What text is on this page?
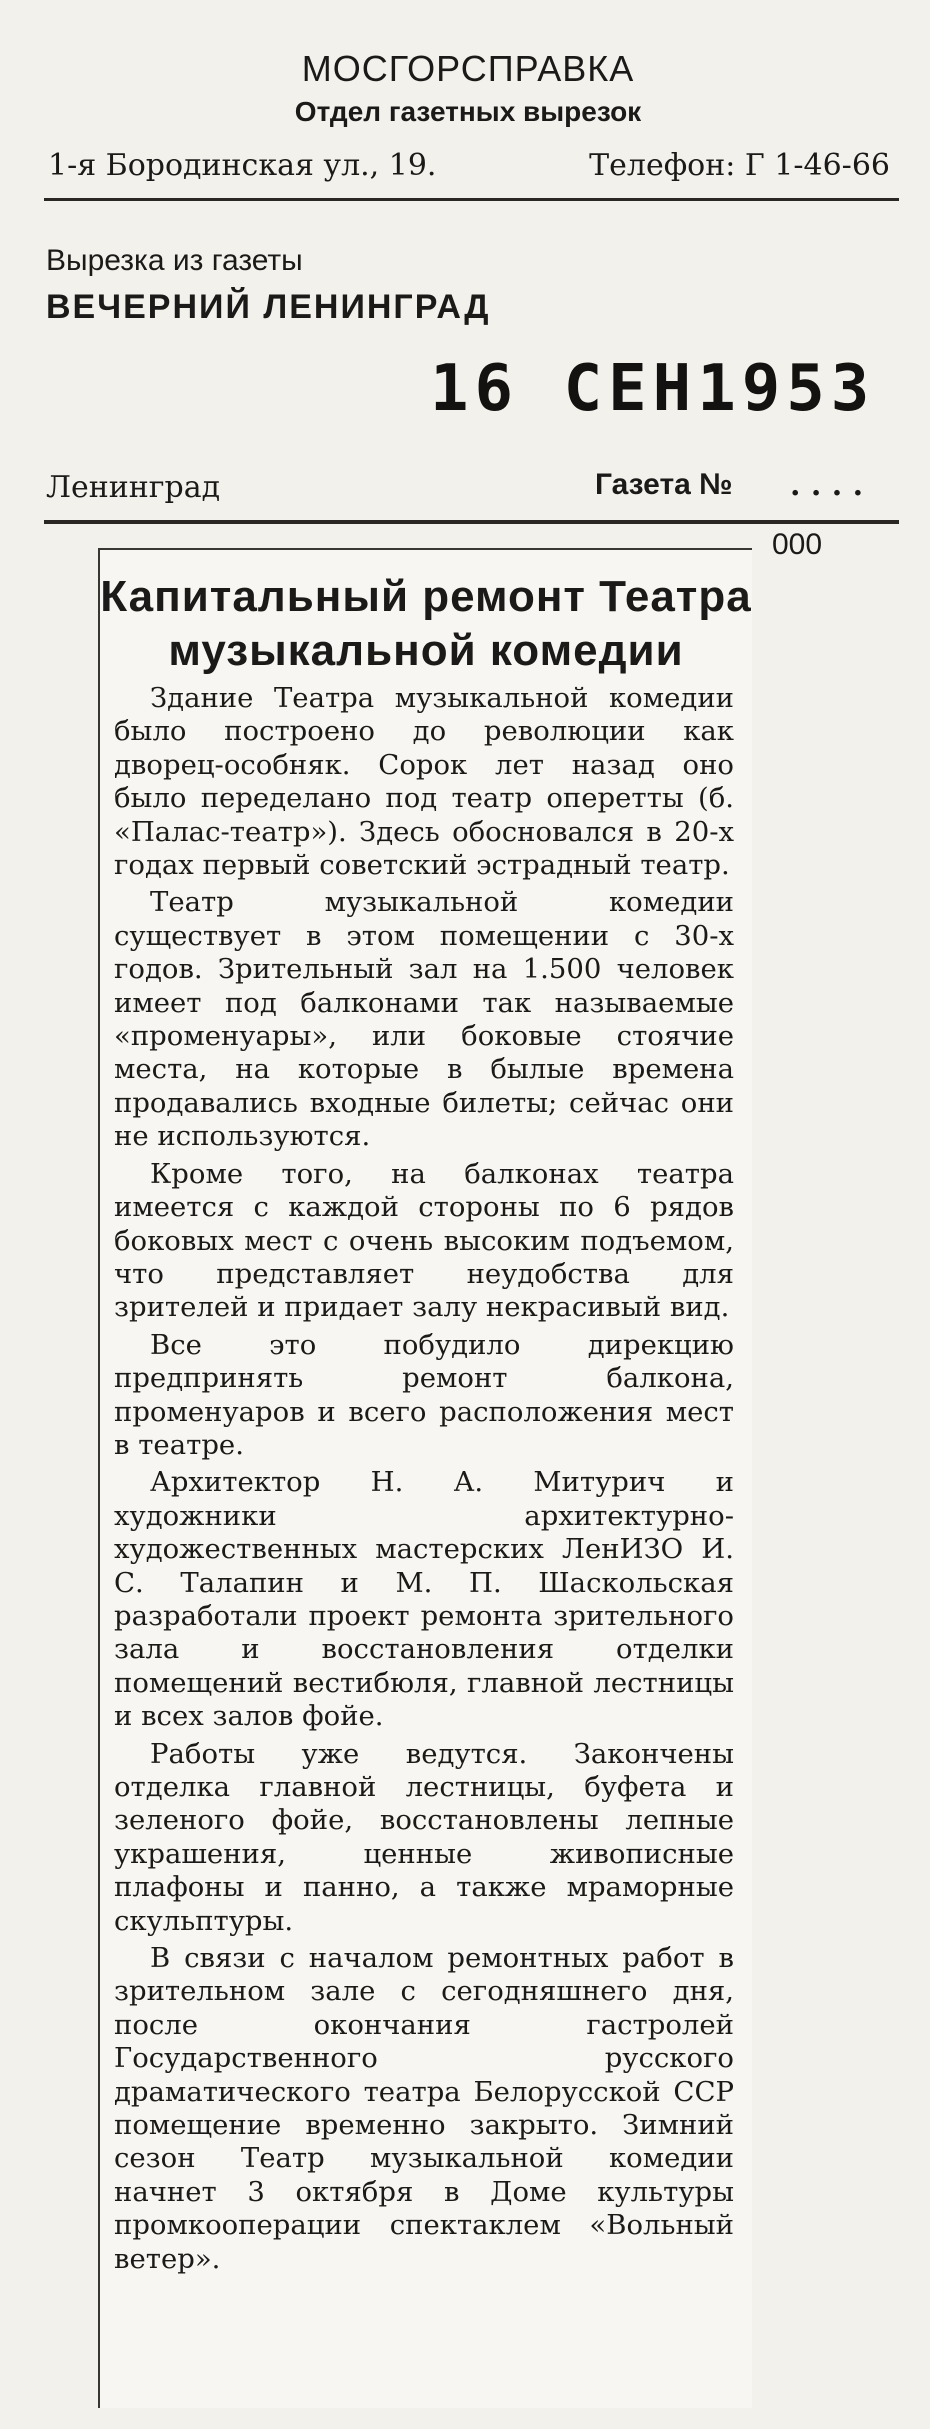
МОСГОРСПРАВКА
Отдел газетных вырезок
1-я Бородинская ул., 19.	Телефон: Г 1-46-66
Вырезка из газеты
ВЕЧЕРНИЙ ЛЕНИНГРАД
16 СЕН1953
Ленинград	Газета № . . . .
000
Капитальный ремонт Театра
музыкальной комедии

Здание Театра музыкальной комедии было построено до революции как дворец-особняк. Сорок лет назад оно было переделано под театр оперетты (б. «Палас-театр»). Здесь обосновался в 20-х годах первый советский эстрадный театр.

Театр музыкальной комедии существует в этом помещении с 30-х годов. Зрительный зал на 1.500 человек имеет под балконами так называемые «променуары», или боковые стоячие места, на которые в былые времена продавались входные билеты; сейчас они не используются.

Кроме того, на балконах театра имеется с каждой стороны по 6 рядов боковых мест с очень высоким подъемом, что представляет неудобства для зрителей и придает залу некрасивый вид.

Все это побудило дирекцию предпринять ремонт балкона, променуаров и всего расположения мест в театре.

Архитектор Н. А. Митурич и художники архитектурно-художественных мастерских ЛенИЗО И. С. Талапин и М. П. Шаскольская разработали проект ремонта зрительного зала и восстановления отделки помещений вестибюля, главной лестницы и всех залов фойе.

Работы уже ведутся. Закончены отделка главной лестницы, буфета и зеленого фойе, восстановлены лепные украшения, ценные живописные плафоны и панно, а также мраморные скульптуры.

В связи с началом ремонтных работ в зрительном зале с сегодняшнего дня, после окончания гастролей Государственного русского драматического театра Белорусской ССР помещение временно закрыто. Зимний сезон Театр музыкальной комедии начнет 3 октября в Доме культуры промкооперации спектаклем «Вольный ветер».
